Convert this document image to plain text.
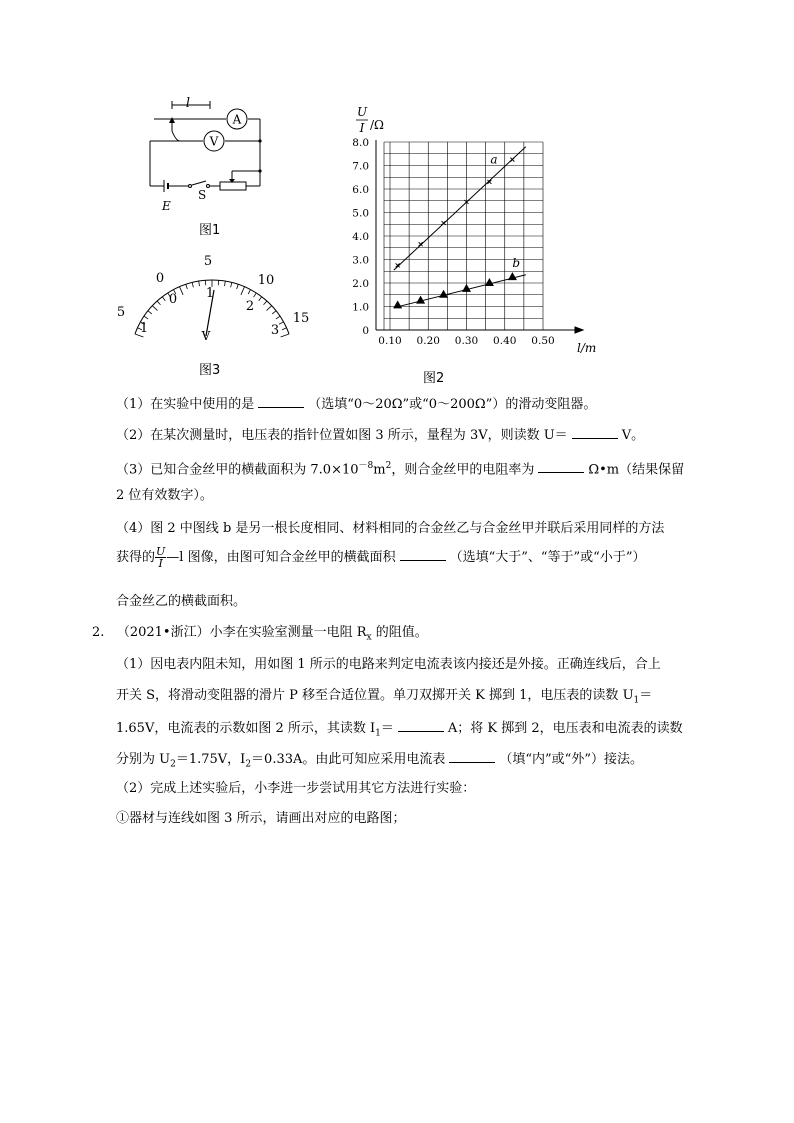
A
V
l
S
E
图1
5
0
5
10
15
1
0 1
2
3
V
图3
0
1.0
2.0
3.0
4.0
5.0
6.0
7.0
8.0
0.10 0.20 0.30 0.40 0.50
a
b
U
I /Ω
l/m
图2
（1）在实验中使用的是	（选填“0～20Ω”或“0～200Ω”）的滑动变阻器。
（2）在某次测量时，电压表的指针位置如图 3 所示，量程为 3V，则读数 U＝	V。
（3）已知合金丝甲的横截面积为 $7.0\times 10^{-8}m^2$，则合金丝甲的电阻率为	Ω•m（结果保留
2 位有效数字）。
（4）图 2 中图线 b 是另一根长度相同、材料相同的合金丝乙与合金丝甲并联后采用同样的方法
获得的 $\frac{U}{I}$ —l 图像，由图可知合金丝甲的横截面积	（选填“大于”、“等于”或“小于”）
合金丝乙的横截面积。
2. （2021•浙江）小李在实验室测量一电阻 $R_x$ 的阻值。
（1）因电表内阻未知，用如图 1 所示的电路来判定电流表该内接还是外接。正确连线后，合上
开关 S，将滑动变阻器的滑片 P 移至合适位置。单刀双掷开关 K 掷到 1，电压表的读数 $U_1=$
1.65V，电流表的示数如图 2 所示，其读数 $I_1=$	A；将 K 掷到 2，电压表和电流表的读数
分别为 $U_2=1.75V$，$I_2=0.33A$。由此可知应采用电流表	（填“内”或“外”）接法。
（2）完成上述实验后，小李进一步尝试用其它方法进行实验：
①器材与连线如图 3 所示，请画出对应的电路图；
